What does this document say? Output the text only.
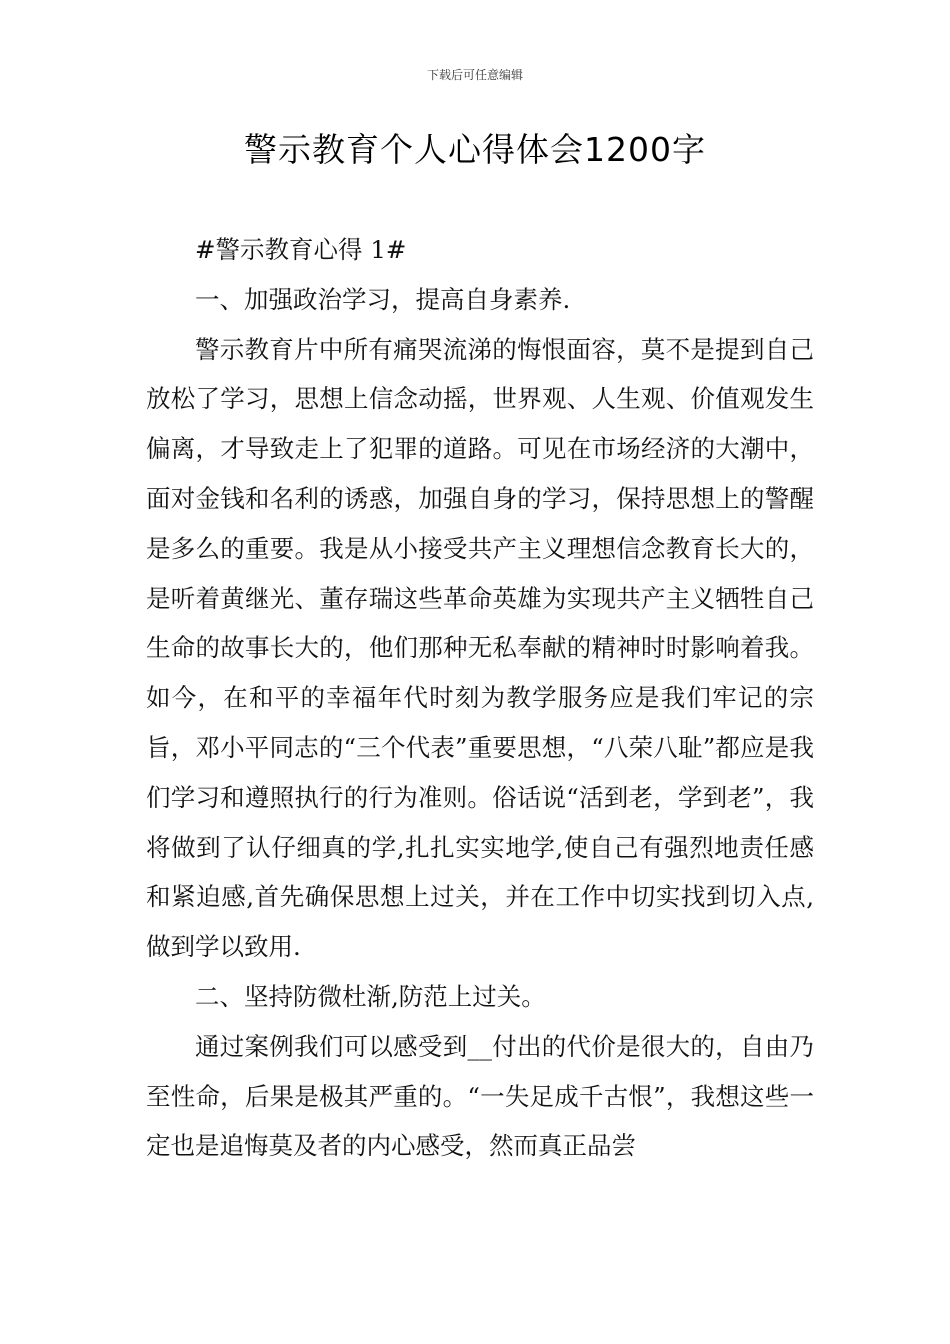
下载后可任意编辑
警示教育个人心得体会1200字

#警示教育心得 1#

一、加强政治学习，提高自身素养.

警示教育片中所有痛哭流涕的悔恨面容，莫不是提到自己放松了学习，思想上信念动摇，世界观、人生观、价值观发生偏离，才导致走上了犯罪的道路。可见在市场经济的大潮中，面对金钱和名利的诱惑，加强自身的学习，保持思想上的警醒是多么的重要。我是从小接受共产主义理想信念教育长大的，是听着黄继光、董存瑞这些革命英雄为实现共产主义牺牲自己生命的故事长大的，他们那种无私奉献的精神时时影响着我。如今，在和平的幸福年代时刻为教学服务应是我们牢记的宗旨，邓小平同志的“三个代表”重要思想，“八荣八耻”都应是我们学习和遵照执行的行为准则。俗话说“活到老，学到老”，我将做到了认仔细真的学,扎扎实实地学,使自己有强烈地责任感和紧迫感,首先确保思想上过关，并在工作中切实找到切入点,做到学以致用.

二、坚持防微杜渐,防范上过关。

通过案例我们可以感受到__付出的代价是很大的，自由乃至性命，后果是极其严重的。“一失足成千古恨”，我想这些一定也是追悔莫及者的内心感受，然而真正品尝
